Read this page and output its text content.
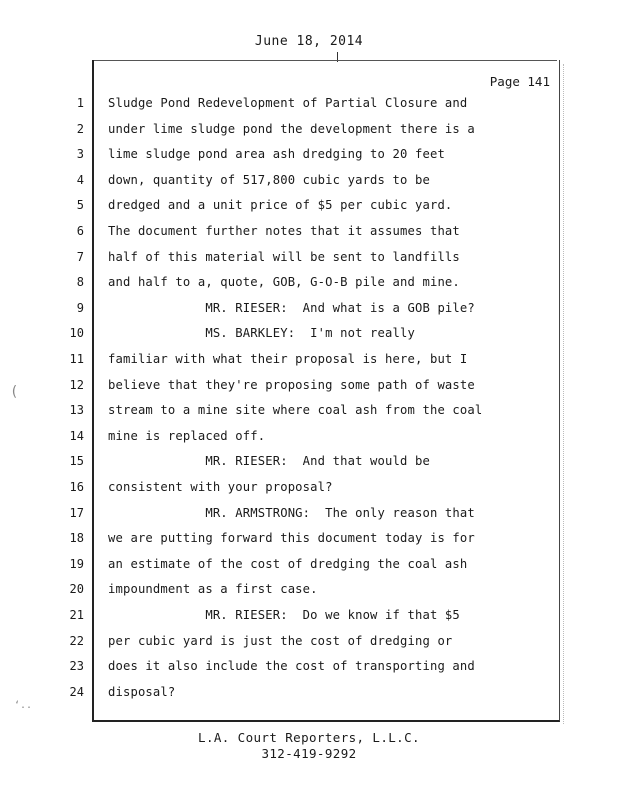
June 18, 2014
Page 141
1 Sludge Pond Redevelopment of Partial Closure and
2 under lime sludge pond the development there is a
3 lime sludge pond area ash dredging to 20 feet
4 down, quantity of 517,800 cubic yards to be
5 dredged and a unit price of $5 per cubic yard.
6 The document further notes that it assumes that
7 half of this material will be sent to landfills
8 and half to a, quote, GOB, G-O-B pile and mine.
9 MR. RIESER:  And what is a GOB pile?
10 MS. BARKLEY:  I'm not really
11 familiar with what their proposal is here, but I
12 believe that they're proposing some path of waste
13 stream to a mine site where coal ash from the coal
14 mine is replaced off.
15 MR. RIESER:  And that would be
16 consistent with your proposal?
17 MR. ARMSTRONG:  The only reason that
18 we are putting forward this document today is for
19 an estimate of the cost of dredging the coal ash
20 impoundment as a first case.
21 MR. RIESER:  Do we know if that $5
22 per cubic yard is just the cost of dredging or
23 does it also include the cost of transporting and
24 disposal?
(
‘..
L.A. Court Reporters, L.L.C.
312-419-9292
